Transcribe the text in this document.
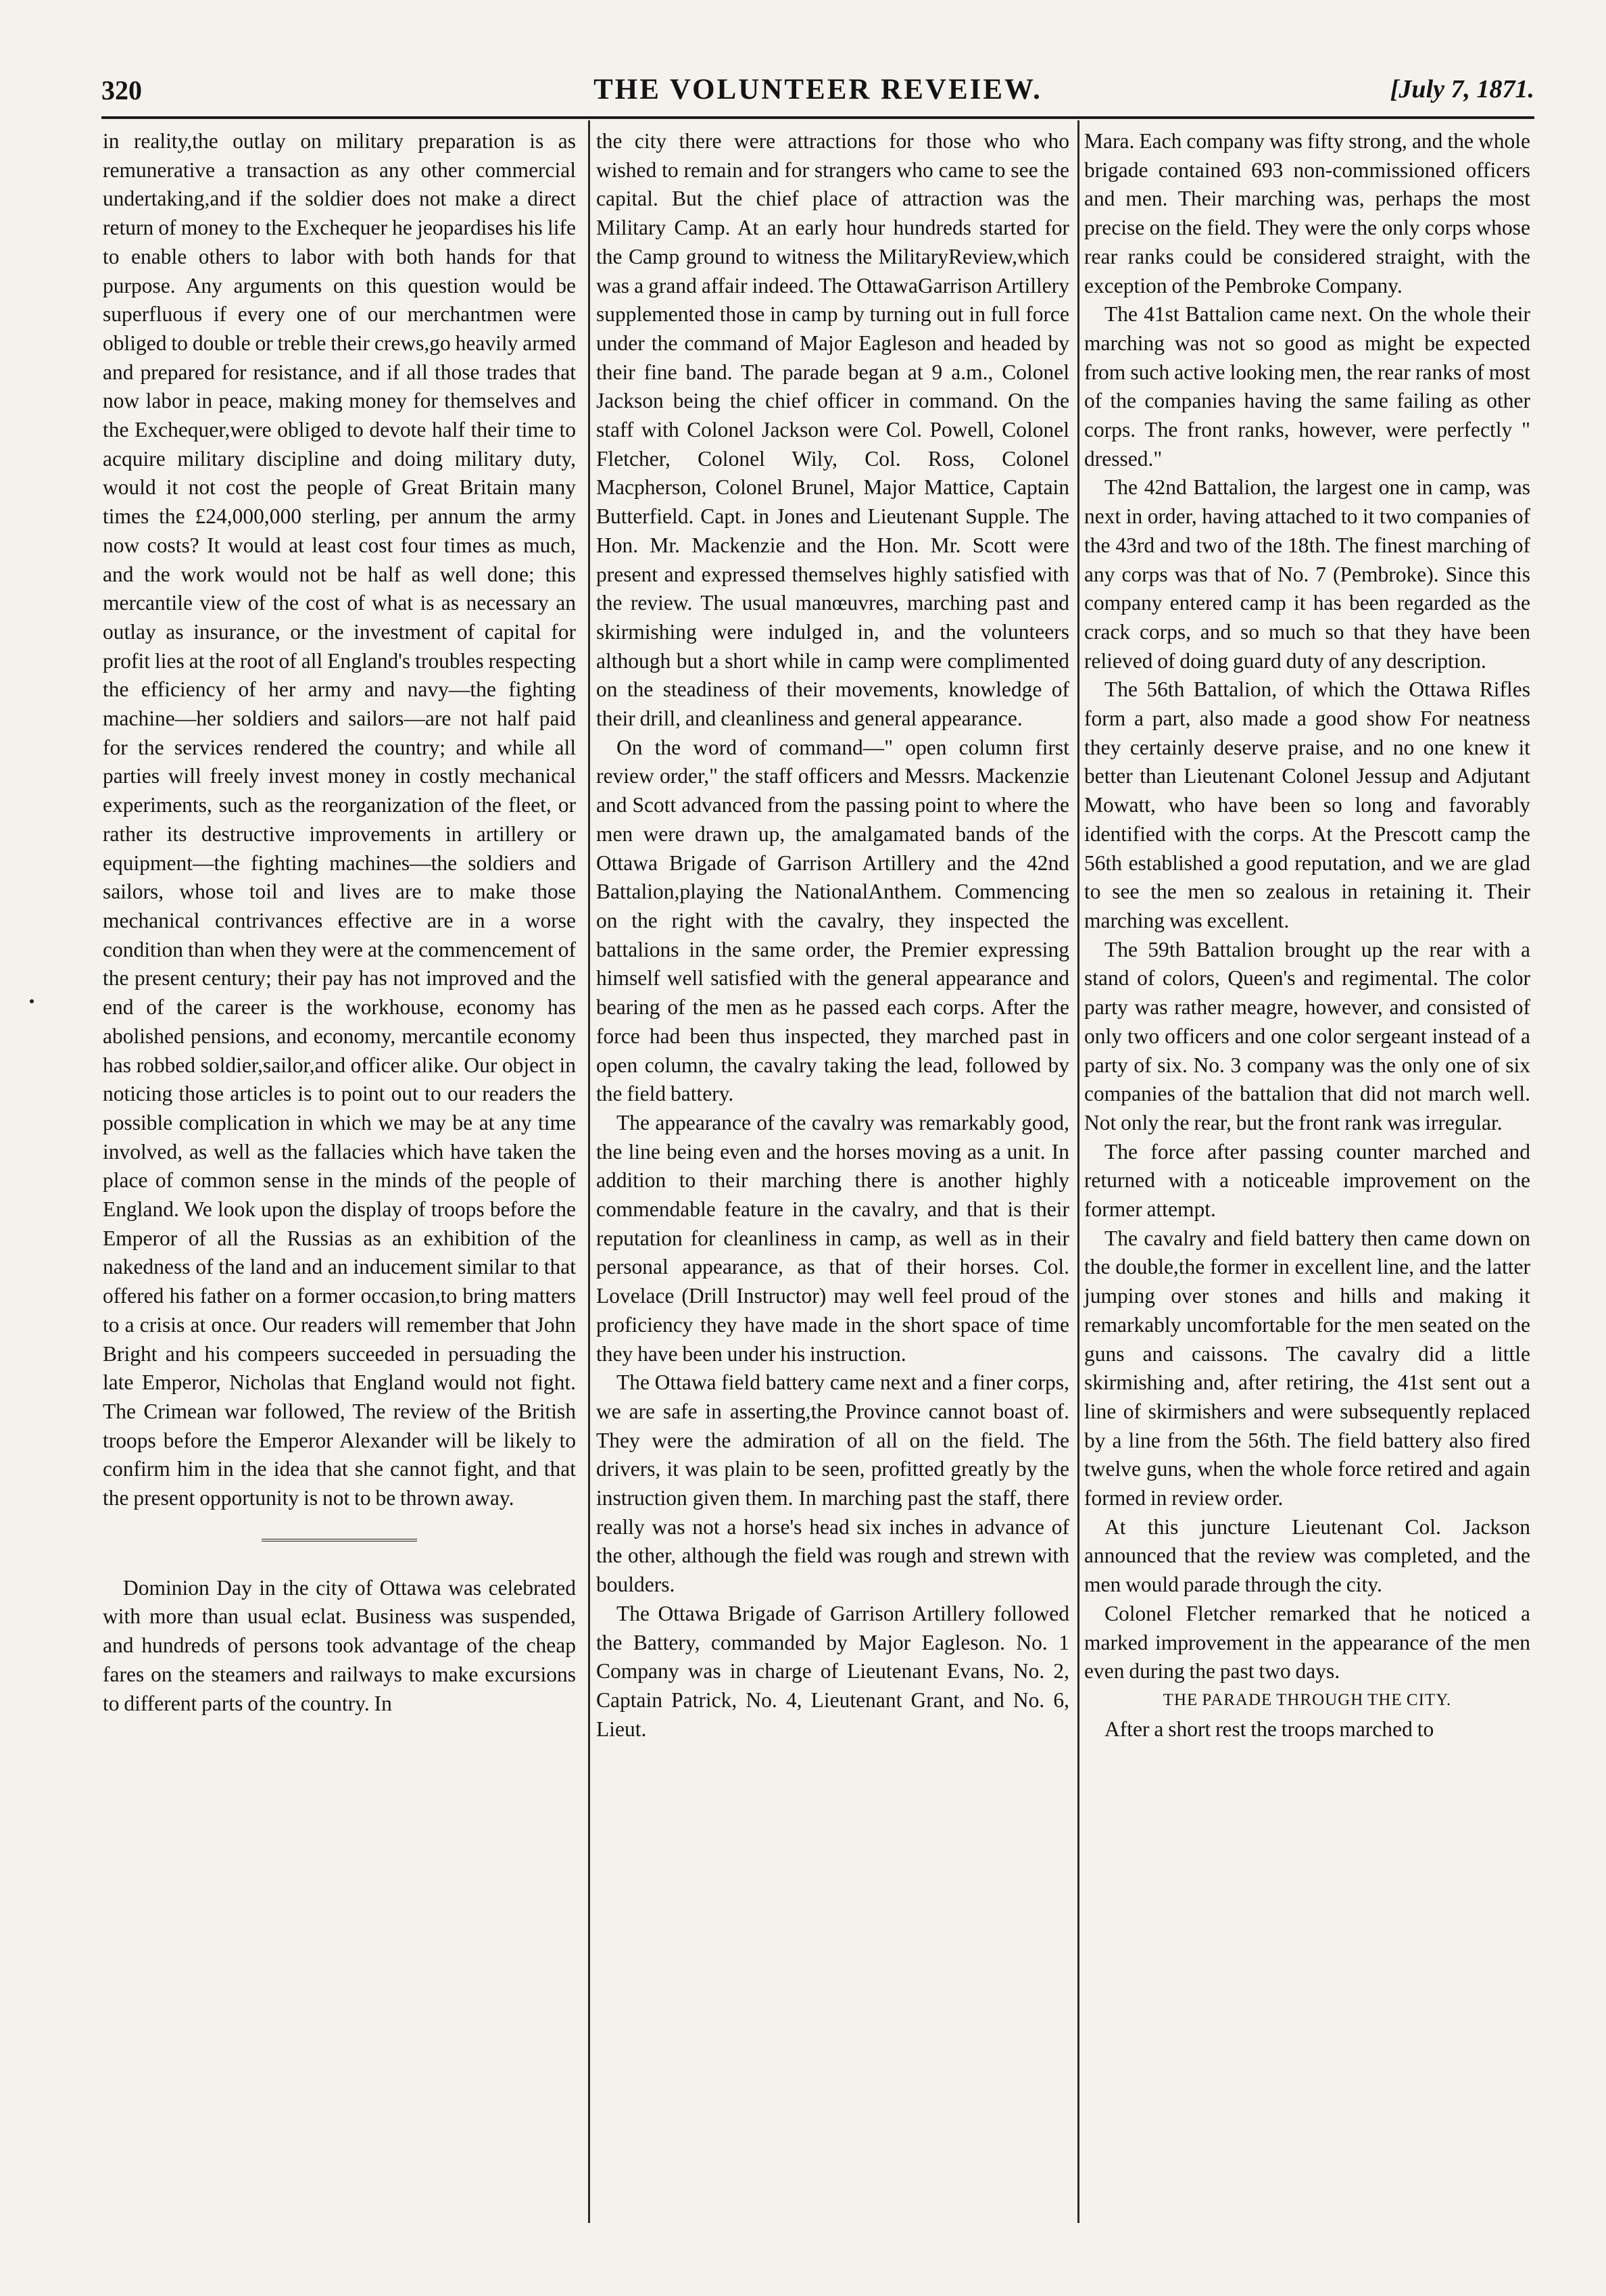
320	THE VOLUNTEER REVEIEW.	[July 7, 1871.

in reality,the outlay on military preparation is as remunerative a transaction as any other commercial undertaking,and if the soldier does not make a direct return of money to the Exchequer he jeopardises his life to enable others to labor with both hands for that purpose. Any arguments on this question would be superfluous if every one of our merchantmen were obliged to double or treble their crews,go heavily armed and prepared for resistance, and if all those trades that now labor in peace, making money for themselves and the Exchequer,were obliged to devote half their time to acquire military discipline and doing military duty, would it not cost the people of Great Britain many times the £24,000,000 sterling, per annum the army now costs? It would at least cost four times as much, and the work would not be half as well done; this mercantile view of the cost of what is as necessary an outlay as insurance, or the investment of capital for profit lies at the root of all England's troubles respecting the efficiency of her army and navy—the fighting machine—her soldiers and sailors—are not half paid for the services rendered the country; and while all parties will freely invest money in costly mechanical experiments, such as the reorganization of the fleet, or rather its destructive improvements in artillery or equipment—the fighting machines—the soldiers and sailors, whose toil and lives are to make those mechanical contrivances effective are in a worse condition than when they were at the commencement of the present century; their pay has not improved and the end of the career is the workhouse, economy has abolished pensions, and economy, mercantile economy has robbed soldier,sailor,and officer alike. Our object in noticing those articles is to point out to our readers the possible complication in which we may be at any time involved, as well as the fallacies which have taken the place of common sense in the minds of the people of England. We look upon the display of troops before the Emperor of all the Russias as an exhibition of the nakedness of the land and an inducement similar to that offered his father on a former occasion,to bring matters to a crisis at once. Our readers will remember that John Bright and his compeers succeeded in persuading the late Emperor, Nicholas that England would not fight. The Crimean war followed, The review of the British troops before the Emperor Alexander will be likely to confirm him in the idea that she cannot fight, and that the present opportunity is not to be thrown away.

Dominion Day in the city of Ottawa was celebrated with more than usual eclat. Business was suspended, and hundreds of persons took advantage of the cheap fares on the steamers and railways to make excursions to different parts of the country. In

the city there were attractions for those who who wished to remain and for strangers who came to see the capital. But the chief place of attraction was the Military Camp. At an early hour hundreds started for the Camp ground to witness the MilitaryReview,which was a grand affair indeed. The OttawaGarrison Artillery supplemented those in camp by turning out in full force under the command of Major Eagleson and headed by their fine band. The parade began at 9 a.m., Colonel Jackson being the chief officer in command. On the staff with Colonel Jackson were Col. Powell, Colonel Fletcher, Colonel Wily, Col. Ross, Colonel Macpherson, Colonel Brunel, Major Mattice, Captain Butterfield. Capt. in Jones and Lieutenant Supple. The Hon. Mr. Mackenzie and the Hon. Mr. Scott were present and expressed themselves highly satisfied with the review. The usual manœuvres, marching past and skirmishing were indulged in, and the volunteers although but a short while in camp were complimented on the steadiness of their movements, knowledge of their drill, and cleanliness and general appearance.

On the word of command—" open column first review order," the staff officers and Messrs. Mackenzie and Scott advanced from the passing point to where the men were drawn up, the amalgamated bands of the Ottawa Brigade of Garrison Artillery and the 42nd Battalion,playing the NationalAnthem. Commencing on the right with the cavalry, they inspected the battalions in the same order, the Premier expressing himself well satisfied with the general appearance and bearing of the men as he passed each corps. After the force had been thus inspected, they marched past in open column, the cavalry taking the lead, followed by the field battery.

The appearance of the cavalry was remarkably good, the line being even and the horses moving as a unit. In addition to their marching there is another highly commendable feature in the cavalry, and that is their reputation for cleanliness in camp, as well as in their personal appearance, as that of their horses. Col. Lovelace (Drill Instructor) may well feel proud of the proficiency they have made in the short space of time they have been under his instruction.

The Ottawa field battery came next and a finer corps, we are safe in asserting,the Province cannot boast of. They were the admiration of all on the field. The drivers, it was plain to be seen, profitted greatly by the instruction given them. In marching past the staff, there really was not a horse's head six inches in advance of the other, although the field was rough and strewn with boulders.

The Ottawa Brigade of Garrison Artillery followed the Battery, commanded by Major Eagleson. No. 1 Company was in charge of Lieutenant Evans, No. 2, Captain Patrick, No. 4, Lieutenant Grant, and No. 6, Lieut.

Mara. Each company was fifty strong, and the whole brigade contained 693 non-commissioned officers and men. Their marching was, perhaps the most precise on the field. They were the only corps whose rear ranks could be considered straight, with the exception of the Pembroke Company.

The 41st Battalion came next. On the whole their marching was not so good as might be expected from such active looking men, the rear ranks of most of the companies having the same failing as other corps. The front ranks, however, were perfectly " dressed."

The 42nd Battalion, the largest one in camp, was next in order, having attached to it two companies of the 43rd and two of the 18th. The finest marching of any corps was that of No. 7 (Pembroke). Since this company entered camp it has been regarded as the crack corps, and so much so that they have been relieved of doing guard duty of any description.

The 56th Battalion, of which the Ottawa Rifles form a part, also made a good show For neatness they certainly deserve praise, and no one knew it better than Lieutenant Colonel Jessup and Adjutant Mowatt, who have been so long and favorably identified with the corps. At the Prescott camp the 56th established a good reputation, and we are glad to see the men so zealous in retaining it. Their marching was excellent.

The 59th Battalion brought up the rear with a stand of colors, Queen's and regimental. The color party was rather meagre, however, and consisted of only two officers and one color sergeant instead of a party of six. No. 3 company was the only one of six companies of the battalion that did not march well. Not only the rear, but the front rank was irregular.

The force after passing counter marched and returned with a noticeable improvement on the former attempt.

The cavalry and field battery then came down on the double,the former in excellent line, and the latter jumping over stones and hills and making it remarkably uncomfortable for the men seated on the guns and caissons. The cavalry did a little skirmishing and, after retiring, the 41st sent out a line of skirmishers and were subsequently replaced by a line from the 56th. The field battery also fired twelve guns, when the whole force retired and again formed in review order.

At this juncture Lieutenant Col. Jackson announced that the review was completed, and the men would parade through the city.

Colonel Fletcher remarked that he noticed a marked improvement in the appearance of the men even during the past two days.

THE PARADE THROUGH THE CITY.

After a short rest the troops marched to
